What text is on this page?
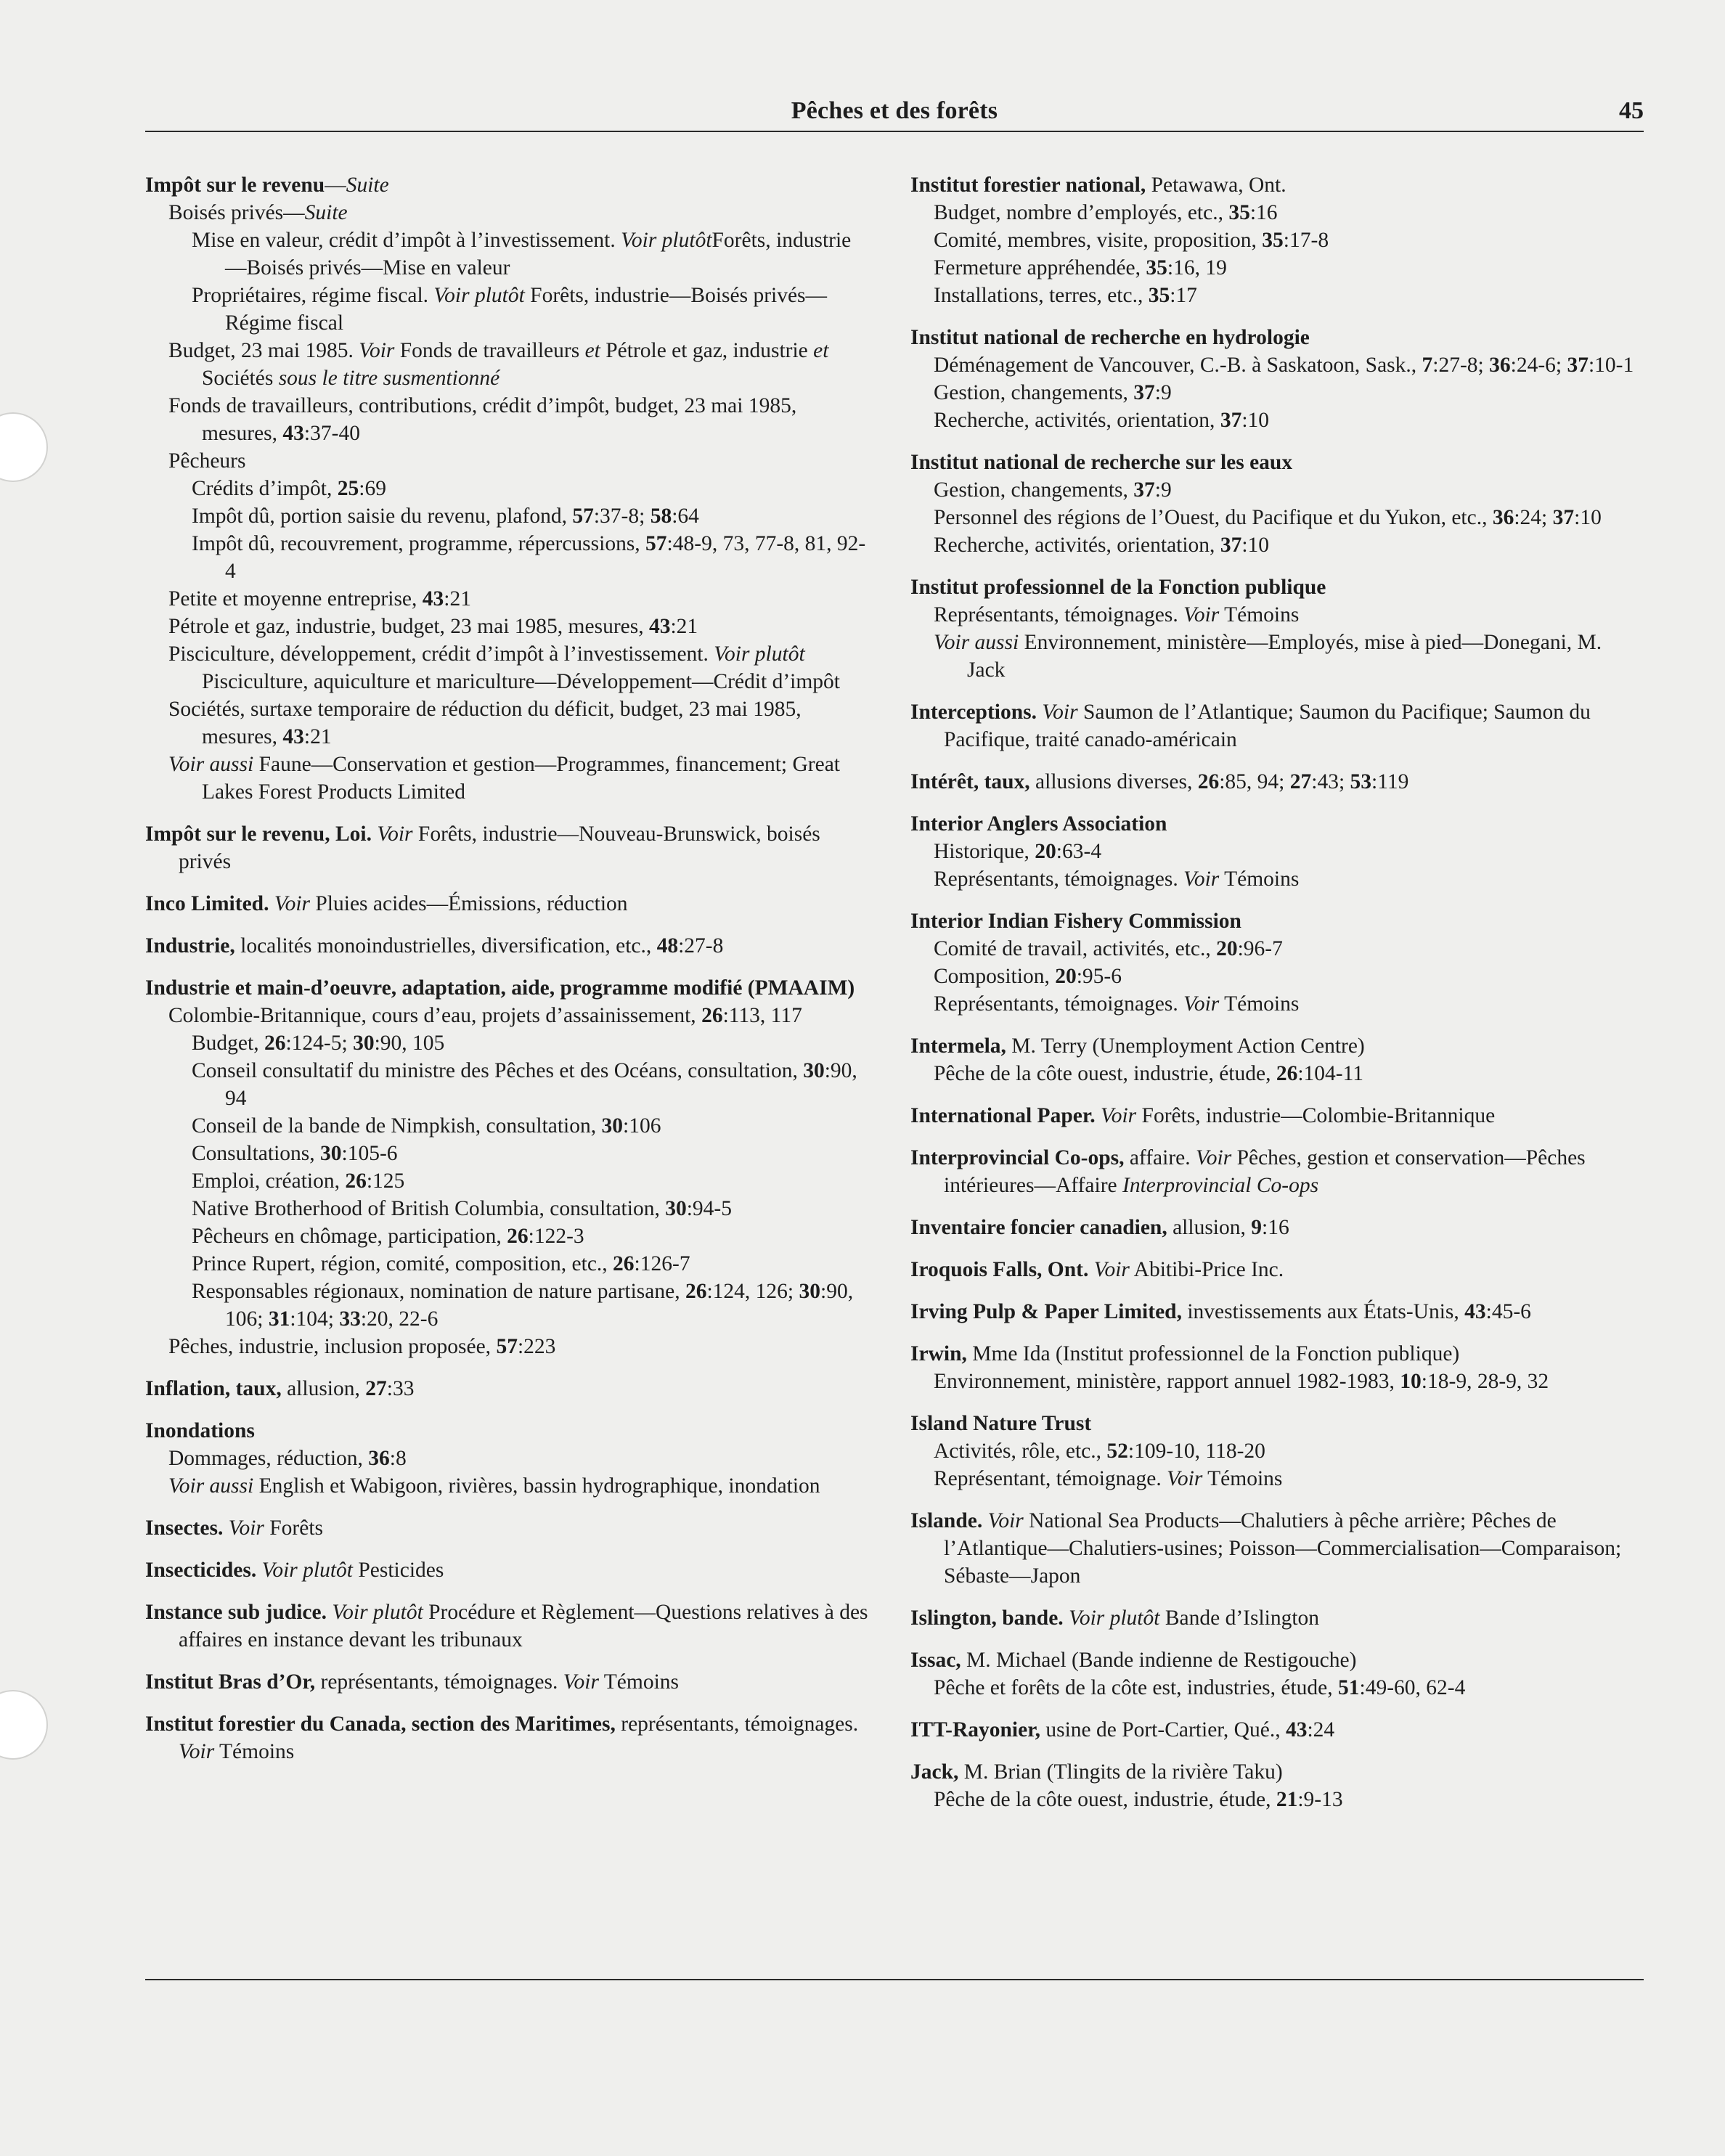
Pêches et des forêts	45

Impôt sur le revenu—Suite

Boisés privés—Suite

Mise en valeur, crédit d’impôt à l’investissement. Voir plutôtForêts, industrie—Boisés privés—Mise en valeur

Propriétaires, régime fiscal. Voir plutôt Forêts, industrie—Boisés privés—Régime fiscal

Budget, 23 mai 1985. Voir Fonds de travailleurs et Pétrole et gaz, industrie et Sociétés sous le titre susmentionné

Fonds de travailleurs, contributions, crédit d’impôt, budget, 23 mai 1985, mesures, 43:37-40

Pêcheurs

Crédits d’impôt, 25:69

Impôt dû, portion saisie du revenu, plafond, 57:37-8; 58:64

Impôt dû, recouvrement, programme, répercussions, 57:48-9, 73, 77-8, 81, 92-4

Petite et moyenne entreprise, 43:21

Pétrole et gaz, industrie, budget, 23 mai 1985, mesures, 43:21

Pisciculture, développement, crédit d’impôt à l’investissement. Voir plutôt Pisciculture, aquiculture et mariculture—Développement—Crédit d’impôt

Sociétés, surtaxe temporaire de réduction du déficit, budget, 23 mai 1985, mesures, 43:21

Voir aussi Faune—Conservation et gestion—Programmes, financement; Great Lakes Forest Products Limited

Impôt sur le revenu, Loi. Voir Forêts, industrie—Nouveau-Brunswick, boisés privés

Inco Limited. Voir Pluies acides—Émissions, réduction

Industrie, localités monoindustrielles, diversification, etc., 48:27-8

Industrie et main-d’oeuvre, adaptation, aide, programme modifié (PMAAIM)

Colombie-Britannique, cours d’eau, projets d’assainissement, 26:113, 117

Budget, 26:124-5; 30:90, 105

Conseil consultatif du ministre des Pêches et des Océans, consultation, 30:90, 94

Conseil de la bande de Nimpkish, consultation, 30:106

Consultations, 30:105-6

Emploi, création, 26:125

Native Brotherhood of British Columbia, consultation, 30:94-5

Pêcheurs en chômage, participation, 26:122-3

Prince Rupert, région, comité, composition, etc., 26:126-7

Responsables régionaux, nomination de nature partisane, 26:124, 126; 30:90, 106; 31:104; 33:20, 22-6

Pêches, industrie, inclusion proposée, 57:223

Inflation, taux, allusion, 27:33

Inondations

Dommages, réduction, 36:8

Voir aussi English et Wabigoon, rivières, bassin hydrographique, inondation

Insectes. Voir Forêts

Insecticides. Voir plutôt Pesticides

Instance sub judice. Voir plutôt Procédure et Règlement—Questions relatives à des affaires en instance devant les tribunaux

Institut Bras d’Or, représentants, témoignages. Voir Témoins

Institut forestier du Canada, section des Maritimes, représentants, témoignages. Voir Témoins

Institut forestier national, Petawawa, Ont.

Budget, nombre d’employés, etc., 35:16

Comité, membres, visite, proposition, 35:17-8

Fermeture appréhendée, 35:16, 19

Installations, terres, etc., 35:17

Institut national de recherche en hydrologie

Déménagement de Vancouver, C.-B. à Saskatoon, Sask., 7:27-8; 36:24-6; 37:10-1

Gestion, changements, 37:9

Recherche, activités, orientation, 37:10

Institut national de recherche sur les eaux

Gestion, changements, 37:9

Personnel des régions de l’Ouest, du Pacifique et du Yukon, etc., 36:24; 37:10

Recherche, activités, orientation, 37:10

Institut professionnel de la Fonction publique

Représentants, témoignages. Voir Témoins

Voir aussi Environnement, ministère—Employés, mise à pied—Donegani, M. Jack

Interceptions. Voir Saumon de l’Atlantique; Saumon du Pacifique; Saumon du Pacifique, traité canado-américain

Intérêt, taux, allusions diverses, 26:85, 94; 27:43; 53:119

Interior Anglers Association

Historique, 20:63-4

Représentants, témoignages. Voir Témoins

Interior Indian Fishery Commission

Comité de travail, activités, etc., 20:96-7

Composition, 20:95-6

Représentants, témoignages. Voir Témoins

Intermela, M. Terry (Unemployment Action Centre)

Pêche de la côte ouest, industrie, étude, 26:104-11

International Paper. Voir Forêts, industrie—Colombie-Britannique

Interprovincial Co-ops, affaire. Voir Pêches, gestion et conservation—Pêches intérieures—Affaire Interprovincial Co-ops

Inventaire foncier canadien, allusion, 9:16

Iroquois Falls, Ont. Voir Abitibi-Price Inc.

Irving Pulp & Paper Limited, investissements aux États-Unis, 43:45-6

Irwin, Mme Ida (Institut professionnel de la Fonction publique)

Environnement, ministère, rapport annuel 1982-1983, 10:18-9, 28-9, 32

Island Nature Trust

Activités, rôle, etc., 52:109-10, 118-20

Représentant, témoignage. Voir Témoins

Islande. Voir National Sea Products—Chalutiers à pêche arrière; Pêches de l’Atlantique—Chalutiers-usines; Poisson—Commercialisation—Comparaison; Sébaste—Japon

Islington, bande. Voir plutôt Bande d’Islington

Issac, M. Michael (Bande indienne de Restigouche)

Pêche et forêts de la côte est, industries, étude, 51:49-60, 62-4

ITT-Rayonier, usine de Port-Cartier, Qué., 43:24

Jack, M. Brian (Tlingits de la rivière Taku)

Pêche de la côte ouest, industrie, étude, 21:9-13
